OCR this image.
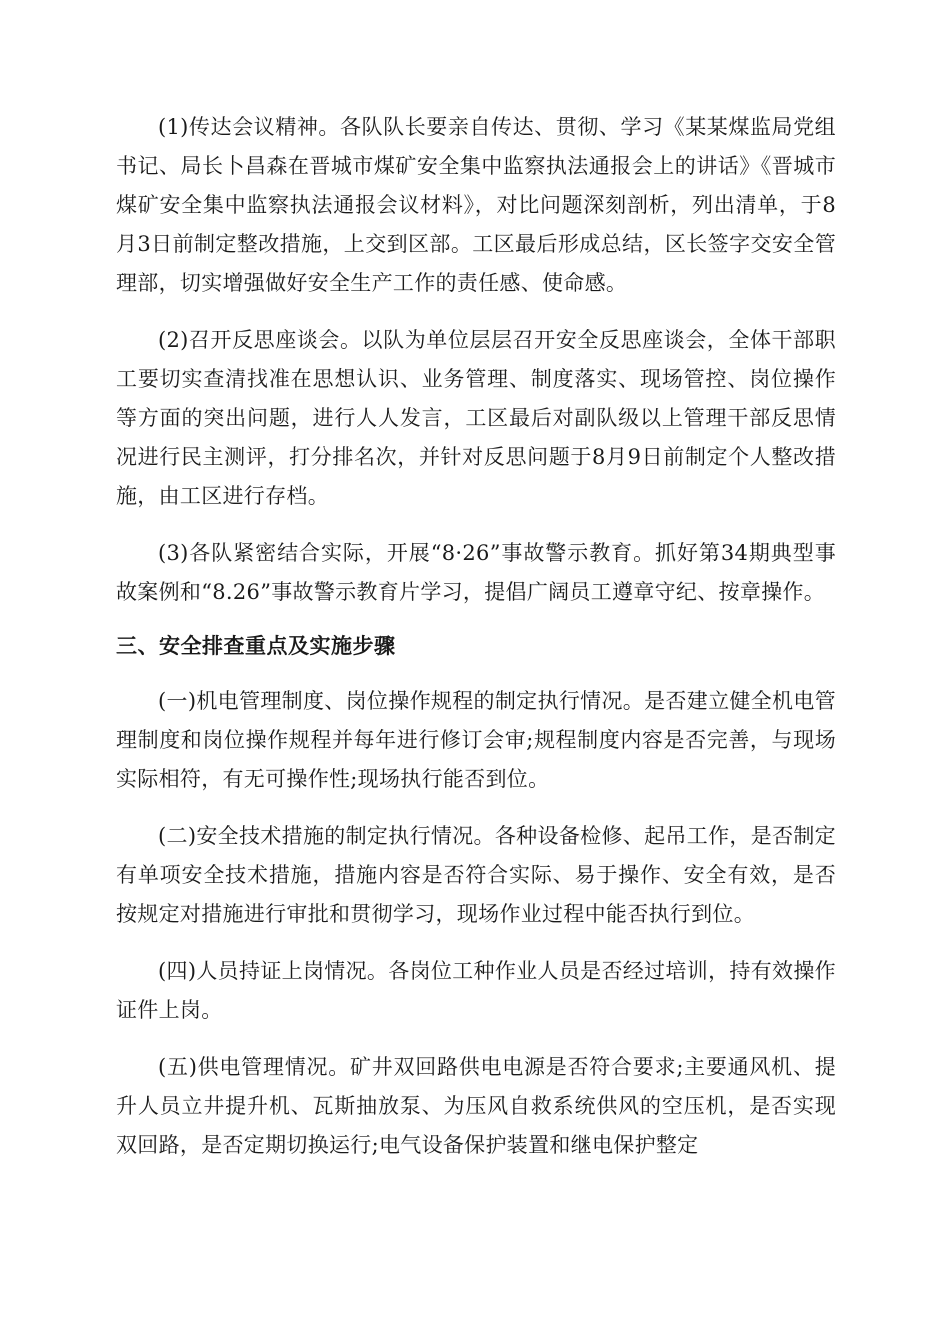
(1)传达会议精神。各队队长要亲自传达、贯彻、学习《某某煤监局党组书记、局长卜昌森在晋城市煤矿安全集中监察执法通报会上的讲话》《晋城市煤矿安全集中监察执法通报会议材料》，对比问题深刻剖析，列出清单，于8月3日前制定整改措施，上交到区部。工区最后形成总结，区长签字交安全管理部，切实增强做好安全生产工作的责任感、使命感。

(2)召开反思座谈会。以队为单位层层召开安全反思座谈会，全体干部职工要切实查清找准在思想认识、业务管理、制度落实、现场管控、岗位操作等方面的突出问题，进行人人发言，工区最后对副队级以上管理干部反思情况进行民主测评，打分排名次，并针对反思问题于8月9日前制定个人整改措施，由工区进行存档。

(3)各队紧密结合实际，开展“8·26”事故警示教育。抓好第34期典型事故案例和“8.26”事故警示教育片学习，提倡广阔员工遵章守纪、按章操作。

三、安全排查重点及实施步骤

(一)机电管理制度、岗位操作规程的制定执行情况。是否建立健全机电管理制度和岗位操作规程并每年进行修订会审;规程制度内容是否完善，与现场实际相符，有无可操作性;现场执行能否到位。

(二)安全技术措施的制定执行情况。各种设备检修、起吊工作，是否制定有单项安全技术措施，措施内容是否符合实际、易于操作、安全有效，是否按规定对措施进行审批和贯彻学习，现场作业过程中能否执行到位。

(四)人员持证上岗情况。各岗位工种作业人员是否经过培训，持有效操作证件上岗。

(五)供电管理情况。矿井双回路供电电源是否符合要求;主要通风机、提升人员立井提升机、瓦斯抽放泵、为压风自救系统供风的空压机，是否实现双回路，是否定期切换运行;电气设备保护装置和继电保护整定
